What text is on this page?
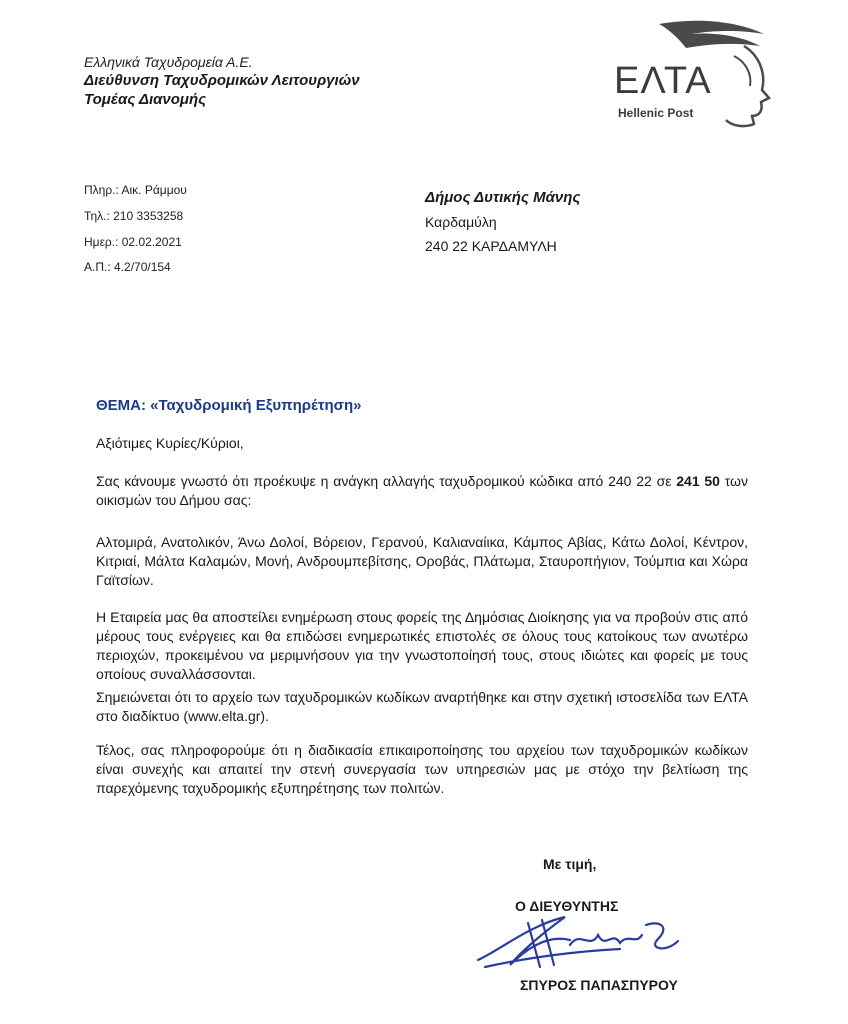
Ελληνικά Ταχυδρομεία Α.Ε.
Διεύθυνση Ταχυδρομικών Λειτουργιών
Τομέας Διανομής	ΕΛΤΑ
Hellenic Post
Πληρ.: Αικ. Ράμμου
Τηλ.: 210 3353258
Ημερ.: 02.02.2021
Α.Π.: 4.2/70/154
Δήμος Δυτικής Μάνης
Καρδαμύλη
240 22 ΚΑΡΔΑΜΥΛΗ
ΘΕΜΑ: «Ταχυδρομική Εξυπηρέτηση»
Αξιότιμες Κυρίες/Κύριοι,
Σας κάνουμε γνωστό ότι προέκυψε η ανάγκη αλλαγής ταχυδρομικού κώδικα από 240 22 σε 241 50 των οικισμών του Δήμου σας:
Αλτομιρά, Ανατολικόν, Άνω Δολοί, Βόρειον, Γερανού, Καλιαναίικα, Κάμπος Αβίας, Κάτω Δολοί, Κέντρον, Κιτριαί, Μάλτα Καλαμών, Μονή, Ανδρουμπεβίτσης, Οροβάς, Πλάτωμα, Σταυροπήγιον, Τούμπια και Χώρα Γαϊτσίων.
Η Εταιρεία μας θα αποστείλει ενημέρωση στους φορείς της Δημόσιας Διοίκησης για να προβούν στις από μέρους τους ενέργειες και θα επιδώσει ενημερωτικές επιστολές σε όλους τους κατοίκους των ανωτέρω περιοχών, προκειμένου να μεριμνήσουν για την γνωστοποίησή τους, στους ιδιώτες και φορείς με τους οποίους συναλλάσσονται.
Σημειώνεται ότι το αρχείο των ταχυδρομικών κωδίκων αναρτήθηκε και στην σχετική ιστοσελίδα των ΕΛΤΑ στο διαδίκτυο (www.elta.gr).
Τέλος, σας πληροφορούμε ότι η διαδικασία επικαιροποίησης του αρχείου των ταχυδρομικών κωδίκων είναι συνεχής και απαιτεί την στενή συνεργασία των υπηρεσιών μας με στόχο την βελτίωση της παρεχόμενης ταχυδρομικής εξυπηρέτησης των πολιτών.
Με τιμή,
Ο ΔΙΕΥΘΥΝΤΗΣ
ΣΠΥΡΟΣ ΠΑΠΑΣΠΥΡΟΥ
